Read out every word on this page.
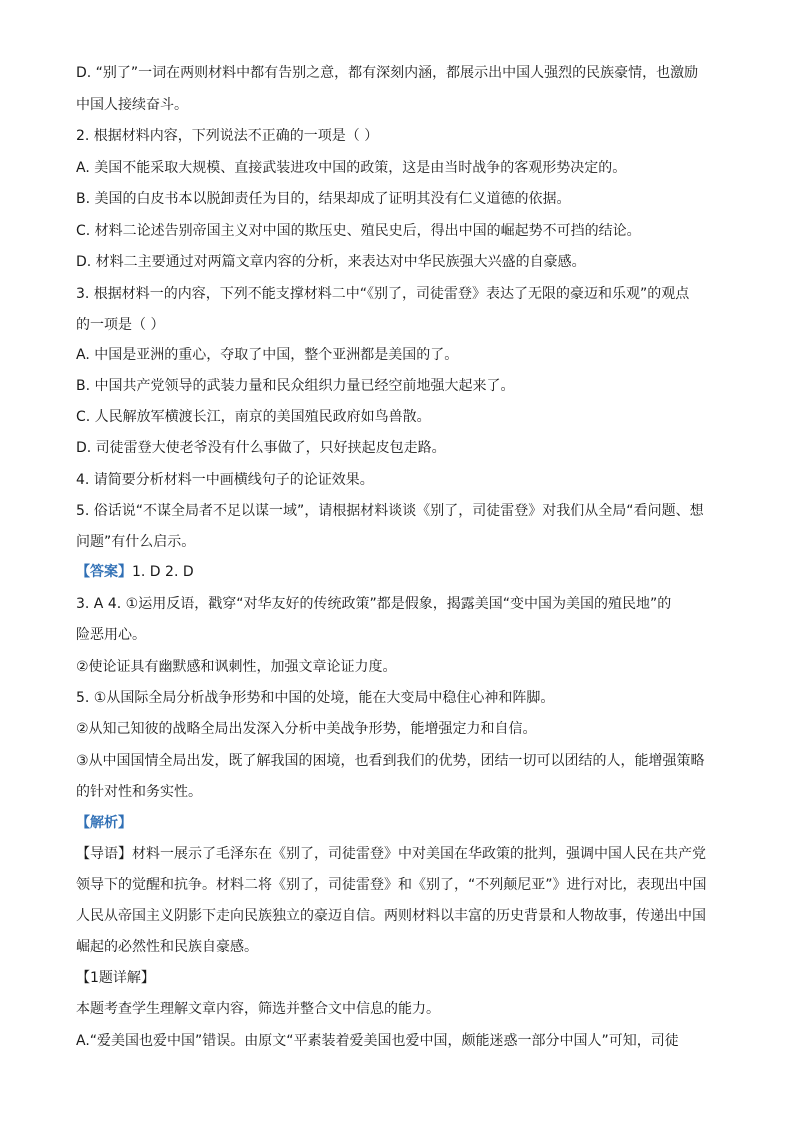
D. “别了”一词在两则材料中都有告别之意，都有深刻内涵，都展示出中国人强烈的民族豪情，也激励
中国人接续奋斗。
2. 根据材料内容，下列说法不正确的一项是（ ）
A. 美国不能采取大规模、直接武装进攻中国的政策，这是由当时战争的客观形势决定的。
B. 美国的白皮书本以脱卸责任为目的，结果却成了证明其没有仁义道德的依据。
C. 材料二论述告别帝国主义对中国的欺压史、殖民史后，得出中国的崛起势不可挡的结论。
D. 材料二主要通过对两篇文章内容的分析，来表达对中华民族强大兴盛的自豪感。
3. 根据材料一的内容，下列不能支撑材料二中“《别了，司徒雷登》表达了无限的豪迈和乐观”的观点
的一项是（ ）
A. 中国是亚洲的重心，夺取了中国，整个亚洲都是美国的了。
B. 中国共产党领导的武装力量和民众组织力量已经空前地强大起来了。
C. 人民解放军横渡长江，南京的美国殖民政府如鸟兽散。
D. 司徒雷登大使老爷没有什么事做了，只好挟起皮包走路。
4. 请简要分析材料一中画横线句子的论证效果。
5. 俗话说“不谋全局者不足以谋一域”，请根据材料谈谈《别了，司徒雷登》对我们从全局“看问题、想
问题”有什么启示。
【答案】1. D 2. D
3. A 4. ①运用反语，戳穿“对华友好的传统政策”都是假象，揭露美国“变中国为美国的殖民地”的
险恶用心。
②使论证具有幽默感和讽刺性，加强文章论证力度。
5. ①从国际全局分析战争形势和中国的处境，能在大变局中稳住心神和阵脚。
②从知己知彼的战略全局出发深入分析中美战争形势，能增强定力和自信。
③从中国国情全局出发，既了解我国的困境，也看到我们的优势，团结一切可以团结的人，能增强策略
的针对性和务实性。
【解析】
【导语】材料一展示了毛泽东在《别了，司徒雷登》中对美国在华政策的批判，强调中国人民在共产党
领导下的觉醒和抗争。材料二将《别了，司徒雷登》和《别了，“不列颠尼亚”》进行对比，表现出中国
人民从帝国主义阴影下走向民族独立的豪迈自信。两则材料以丰富的历史背景和人物故事，传递出中国
崛起的必然性和民族自豪感。
【1题详解】
本题考查学生理解文章内容，筛选并整合文中信息的能力。
A.“爱美国也爱中国”错误。由原文“平素装着爱美国也爱中国，颇能迷惑一部分中国人”可知，司徒
